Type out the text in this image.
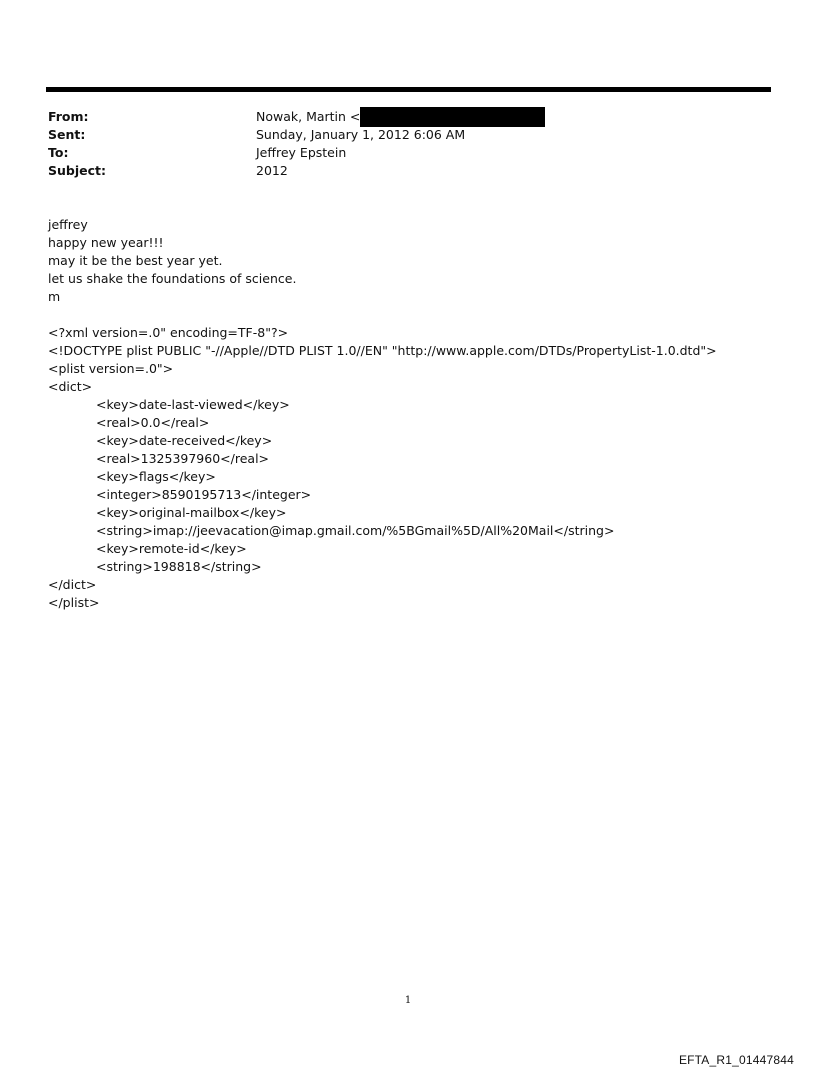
From:	Nowak, Martin <
Sent:	Sunday, January 1, 2012 6:06 AM
To:	Jeffrey Epstein
Subject:	2012
jeffrey
happy new year!!!
may it be the best year yet.
let us shake the foundations of science.
m
<?xml version=.0" encoding=TF-8"?>
<!DOCTYPE plist PUBLIC "-//Apple//DTD PLIST 1.0//EN" "http://www.apple.com/DTDs/PropertyList-1.0.dtd">
<plist version=.0">
<dict>
<key>date-last-viewed</key>
<real>0.0</real>
<key>date-received</key>
<real>1325397960</real>
<key>flags</key>
<integer>8590195713</integer>
<key>original-mailbox</key>
<string>imap://jeevacation@imap.gmail.com/%5BGmail%5D/All%20Mail</string>
<key>remote-id</key>
<string>198818</string>
</dict>
</plist>
1
EFTA_R1_01447844
